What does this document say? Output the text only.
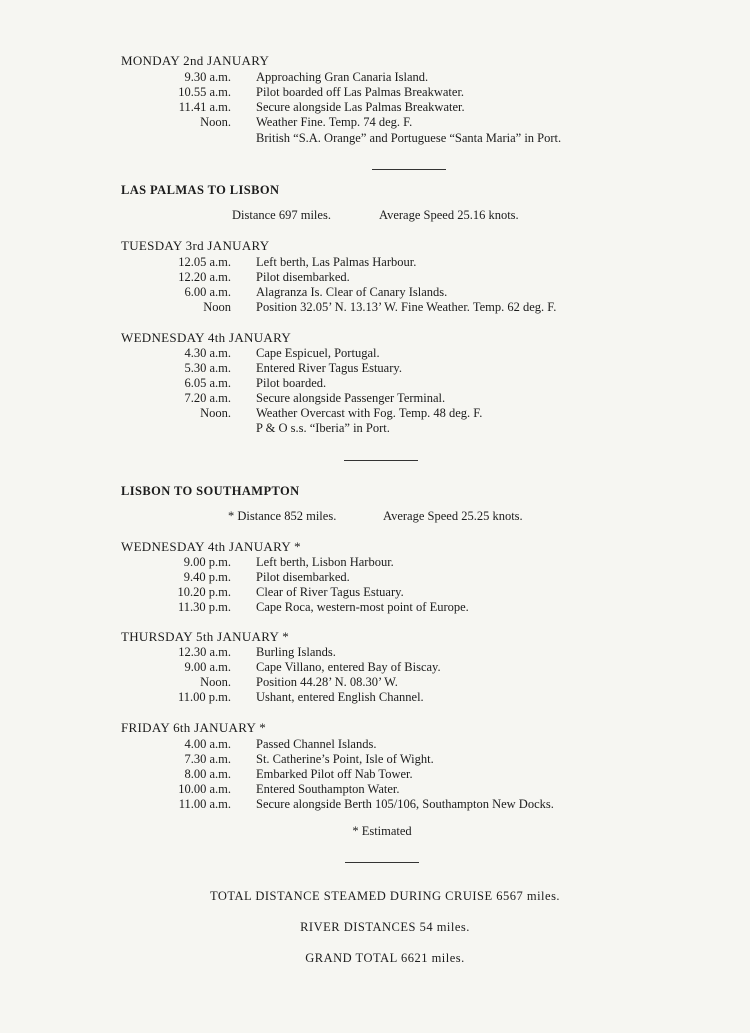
MONDAY 2nd JANUARY
9.30 a.m. Approaching Gran Canaria Island.
10.55 a.m. Pilot boarded off Las Palmas Breakwater.
11.41 a.m. Secure alongside Las Palmas Breakwater.
Noon. Weather Fine. Temp. 74 deg. F.
British “S.A. Orange” and Portuguese “Santa Maria” in Port.
LAS PALMAS TO LISBON
Distance 697 miles.	Average Speed 25.16 knots.
TUESDAY 3rd JANUARY
12.05 a.m. Left berth, Las Palmas Harbour.
12.20 a.m. Pilot disembarked.
6.00 a.m. Alagranza Is. Clear of Canary Islands.
Noon Position 32.05’ N. 13.13’ W. Fine Weather. Temp. 62 deg. F.
WEDNESDAY 4th JANUARY
4.30 a.m. Cape Espicuel, Portugal.
5.30 a.m. Entered River Tagus Estuary.
6.05 a.m. Pilot boarded.
7.20 a.m. Secure alongside Passenger Terminal.
Noon. Weather Overcast with Fog. Temp. 48 deg. F.
P & O s.s. “Iberia” in Port.
LISBON TO SOUTHAMPTON
* Distance 852 miles.	Average Speed 25.25 knots.
WEDNESDAY 4th JANUARY *
9.00 p.m. Left berth, Lisbon Harbour.
9.40 p.m. Pilot disembarked.
10.20 p.m. Clear of River Tagus Estuary.
11.30 p.m. Cape Roca, western-most point of Europe.
THURSDAY 5th JANUARY *
12.30 a.m. Burling Islands.
9.00 a.m. Cape Villano, entered Bay of Biscay.
Noon. Position 44.28’ N. 08.30’ W.
11.00 p.m. Ushant, entered English Channel.
FRIDAY 6th JANUARY *
4.00 a.m. Passed Channel Islands.
7.30 a.m. St. Catherine’s Point, Isle of Wight.
8.00 a.m. Embarked Pilot off Nab Tower.
10.00 a.m. Entered Southampton Water.
11.00 a.m. Secure alongside Berth 105/106, Southampton New Docks.
* Estimated
TOTAL DISTANCE STEAMED DURING CRUISE 6567 miles.
RIVER DISTANCES 54 miles.
GRAND TOTAL 6621 miles.
